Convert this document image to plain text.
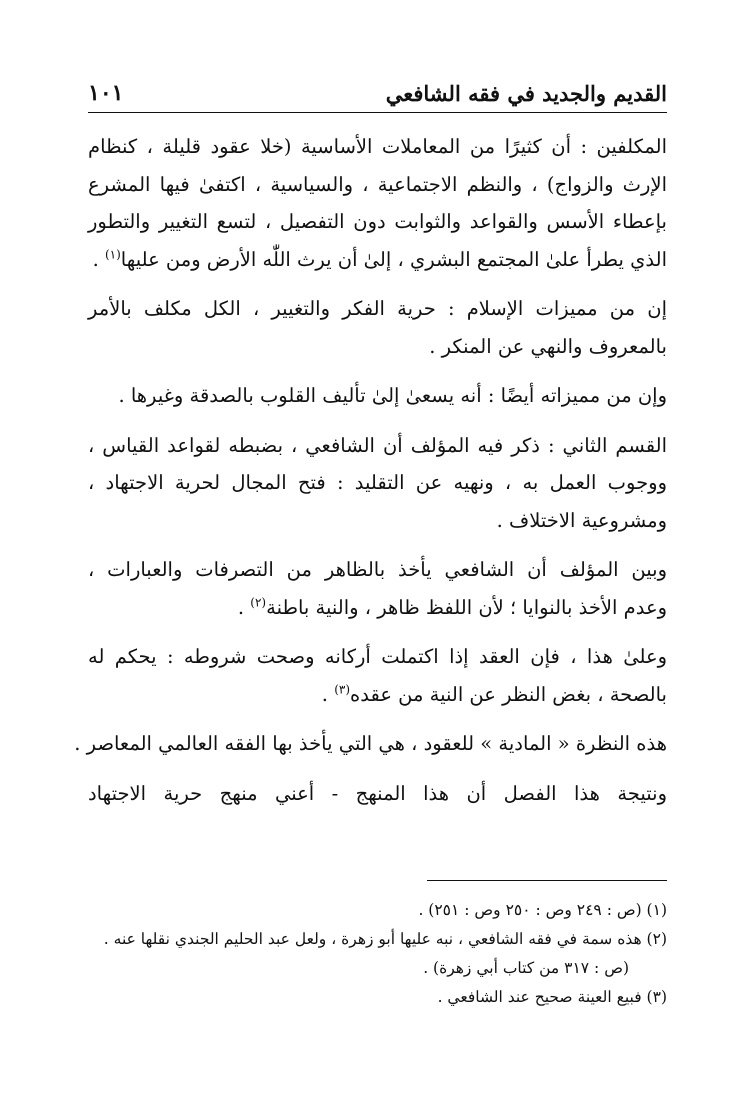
القديم والجديد في فقه الشافعي
١٠١
المكلفين : أن كثيرًا من المعاملات الأساسية (خلا عقود قليلة ، كنظام
الإرث والزواج) ، والنظم الاجتماعية ، والسياسية ، اكتفىٰ فيها المشرع
بإعطاء الأسس والقواعد والثوابت دون التفصيل ، لتسع التغيير والتطور
الذي يطرأ علىٰ المجتمع البشري ، إلىٰ أن يرث اللّٰه الأرض ومن عليها$^{(١)}$ .
إن من مميزات الإسلام : حرية الفكر والتغيير ، الكل مكلف بالأمر
بالمعروف والنهي عن المنكر .
وإن من مميزاته أيضًا : أنه يسعىٰ إلىٰ تأليف القلوب بالصدقة وغيرها .
القسم الثاني : ذكر فيه المؤلف أن الشافعي ، بضبطه لقواعد القياس ،
ووجوب العمل به ، ونهيه عن التقليد : فتح المجال لحرية الاجتهاد ،
ومشروعية الاختلاف .
وبين المؤلف أن الشافعي يأخذ بالظاهر من التصرفات والعبارات ،
وعدم الأخذ بالنوايا ؛ لأن اللفظ ظاهر ، والنية باطنة$^{(٢)}$ .
وعلىٰ هذا ، فإن العقد إذا اكتملت أركانه وصحت شروطه : يحكم له
بالصحة ، بغض النظر عن النية من عقده$^{(٣)}$ .
هذه النظرة « المادية » للعقود ، هي التي يأخذ بها الفقه العالمي المعاصر .
ونتيجة هذا الفصل أن هذا المنهج - أعني منهج حرية الاجتهاد
(١) (ص : ٢٤٩ وص : ٢٥٠ وص : ٢٥١) .
(٢) هذه سمة في فقه الشافعي ، نبه عليها أبو زهرة ، ولعل عبد الحليم الجندي نقلها عنه .
(ص : ٣١٧ من كتاب أبي زهرة) .
(٣) فبيع العينة صحيح عند الشافعي .
